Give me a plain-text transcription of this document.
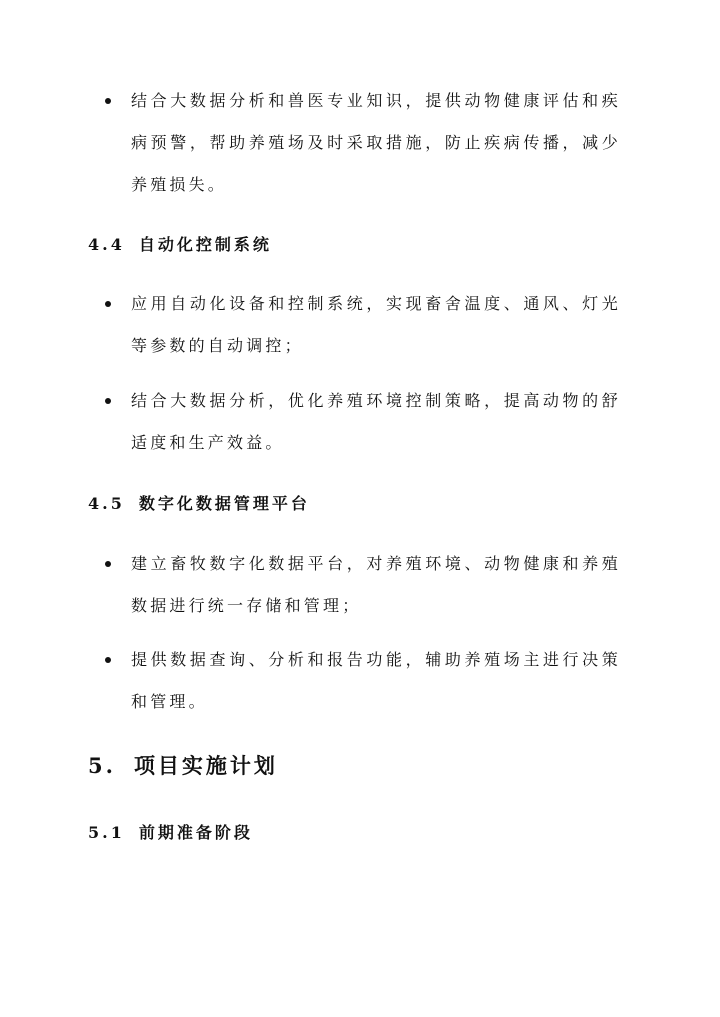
结合大数据分析和兽医专业知识，提供动物健康评估和疾病预警，帮助养殖场及时采取措施，防止疾病传播，减少养殖损失。
4.4 自动化控制系统
应用自动化设备和控制系统，实现畜舍温度、通风、灯光等参数的自动调控；
结合大数据分析，优化养殖环境控制策略，提高动物的舒适度和生产效益。
4.5 数字化数据管理平台
建立畜牧数字化数据平台，对养殖环境、动物健康和养殖数据进行统一存储和管理；
提供数据查询、分析和报告功能，辅助养殖场主进行决策和管理。
5. 项目实施计划
5.1 前期准备阶段
